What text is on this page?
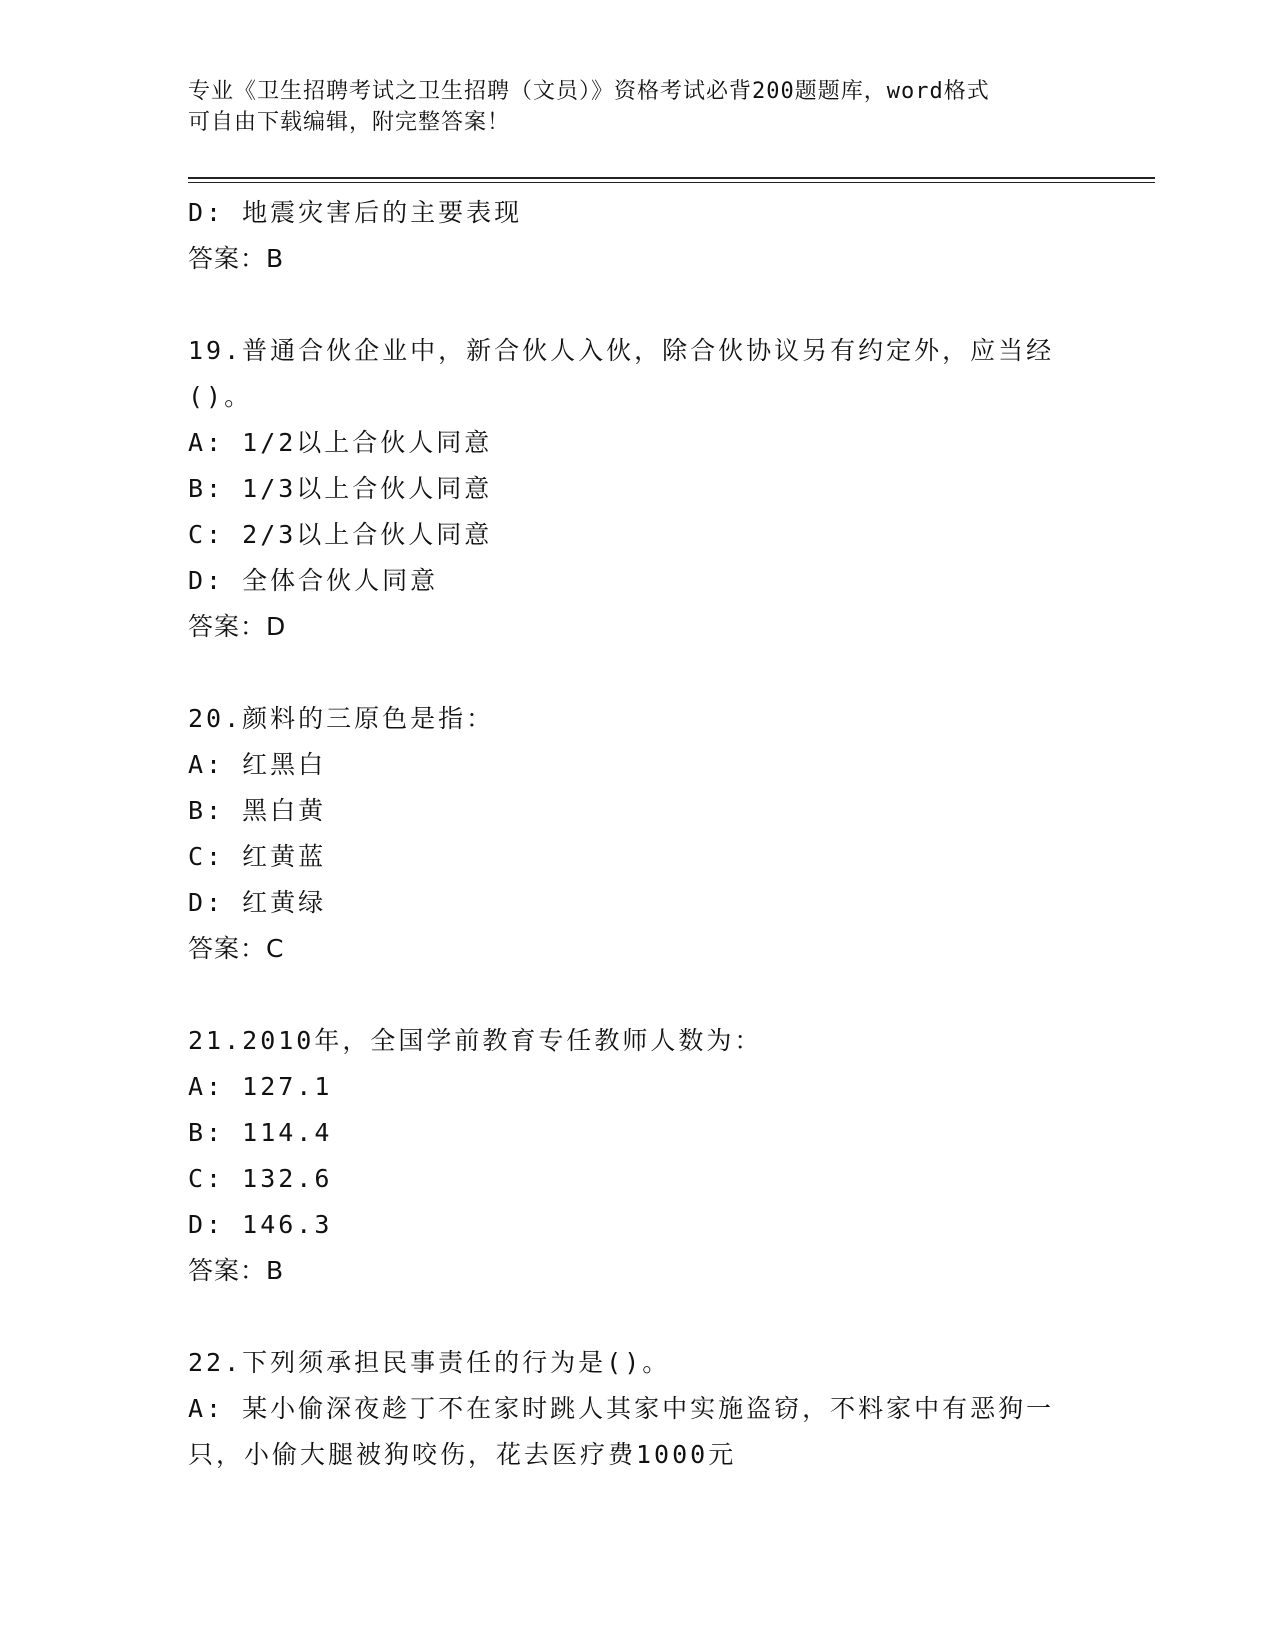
专业《卫生招聘考试之卫生招聘（文员）》资格考试必背200题题库，word格式
可自由下载编辑，附完整答案！
D: 地震灾害后的主要表现
答案：B
19.普通合伙企业中，新合伙人入伙，除合伙协议另有约定外，应当经
()。
A: 1/2以上合伙人同意
B: 1/3以上合伙人同意
C: 2/3以上合伙人同意
D: 全体合伙人同意
答案：D
20.颜料的三原色是指：
A: 红黑白
B: 黑白黄
C: 红黄蓝
D: 红黄绿
答案：C
21.2010年，全国学前教育专任教师人数为：
A: 127.1
B: 114.4
C: 132.6
D: 146.3
答案：B
22.下列须承担民事责任的行为是()。
A: 某小偷深夜趁丁不在家时跳人其家中实施盗窃，不料家中有恶狗一
只，小偷大腿被狗咬伤，花去医疗费1000元
